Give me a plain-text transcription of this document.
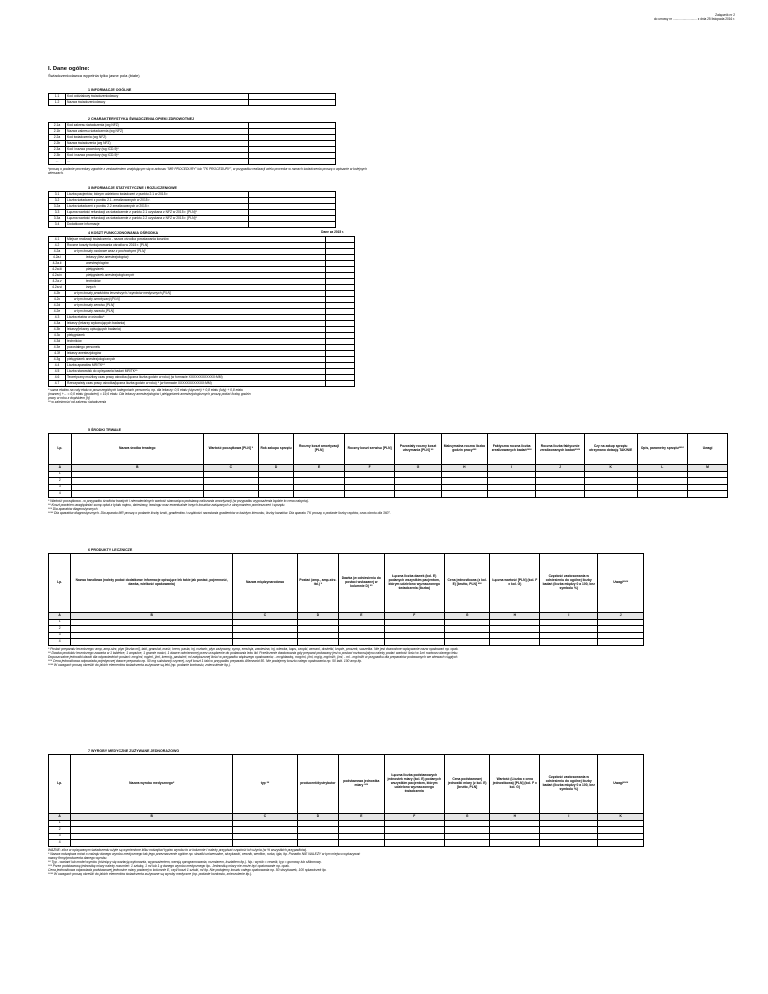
Załącznik nr 2
do umowy nr ........................... z dnia 25 listopada 2016 r.
I. Dane ogólne:
Świadczeniodawca wypełnia tylko jasne pola (białe)
1 INFORMACJE OGÓLNE
1.1	Kod oddziałowy świadczeniodawcy	
1.2	Nazwa świadczeniodawcy	
2 CHARAKTERYSTYKA ŚWIADCZENIA OPIEKI ZDROWOTNEJ
2.1a	Kod zakresu świadczenia (wg NFZ)	
2.1b	Nazwa zakresu świadczenia (wg NFZ)	
2.2a	Kod świadczenia (wg NFZ)	
2.2b	Nazwa świadczenia (wg NFZ)	
2.3a	Kod i nazwa procedury (wg ICD-9)*	
2.3b	Kod i nazwa procedury (wg ICD-9)*	
...	...	
*proszę o podanie procedury zgodnie z zestawieniem znajdującym się w arkuszu "MR PROCEDURY" lub "TK PROCEDURY", w przypadku realizacji wielu procedur w ramach świadczenia proszę o wpisanie w kolejnych wierszach.
3 INFORMACJE STATYSTYCZNE I ROZLICZENIOWE
3.1	Liczba pacjentów, którym udzielono świadczeń z punktu 2.1 w 2015 r.	
3.2	Liczba świadczeń z punktu 2.1. zrealizowanych w 2015 r.	
3.2a	Liczba świadczeń z punktu 2.2 zrealizowanych w 2015 r.	
3.3	Łączna wartość refundacji za świadczenie z punktu 2.1 uzyskana z NFZ w 2015 r. [PLN]*	
3.3a	Łączna wartość refundacji za świadczenie z punktu 2.2 uzyskana z NFZ w 2015 r. [PLN]*	
3.4	Dodatkowe informacje	
4 KOSZT FUNKCJONOWANIA OŚRODKA	Dane za 2015 r.
4.1	Miejsce realizacji świadczenia - nazwa ośrodka powstawania kosztów	
4.2	Roczne koszty funkcjonowania ośrodka w 2015 r. [PLN]	
4.2a	w tym koszty osobowe wraz z pochodnymi [PLN]	
4.2a.i	lekarzy (bez anestezjologów)	
4.2a.ii	anestezjologów	
4.2a.iii	pielęgniarek	
4.2a.iv	pielęgniarek anestezjologicznych	
4.2a.v	techników	
4.2a.vi	innych	
4.2b	w tym koszty produktów leczniczych i wyrobów medycznych [PLN]	
4.2c	w tym koszty amortyzacji [PLN]	
4.2d	w tym koszty serwisu [PLN]	
4.2e	w tym koszty narzutu [PLN]	
4.3	Liczba etatów w ośrodku*	
4.3a	lekarzy (lekarzy wykonujących badania)	
4.3b	lekarzy(lekarzy opisujących badania)	
4.3c	pielęgniarek	
4.3d	techników	
4.3e	pozostałego personelu	
4.3f	lekarzy anestezjologów	
4.3g	pielęgniarek anestezjologicznych	
4.4	Liczba aparatów MR/TK**	
4.5	Liczba stanowisk do opisywania badań MR/TK**	
4.6	Teoretyczny możliwy czas pracy ośrodka (łączna liczba godzin w roku) (w formacie XXXXXXXXXXXX:MM)	
4.7	Rzeczywisty czas pracy ośrodka(łączna liczba godzin w roku) * (w formacie XXXXXXXXXXXX:MM)	
* suma etatów na cały etatu w poszczególnych kategoriach personelu, np. dla lekarzy: 0,5 etatu (styczeń) + 0,8 etatu (luty) + 0,8 etatu
(marzec) +... = 0,0 etatu (grudzień) = 19,6 etatu. Dla lekarzy anestezjologów i pielęgniarek anestezjologicznych proszę podać liczbę godzin
pracy w roku z dopiskiem [h]
** w zależności od zakresu świadczenia
5 ŚRODKI TRWAŁE
Lp.	Nazwa środka trwałego	Wartość początkowa [PLN] *	Rok zakupu sprzętu	Roczny koszt amortyzacji [PLN]	Roczny koszt serwisu [PLN]	Pozostały roczny koszt utrzymania [PLN] **	Maksymalna roczna liczba godzin pracy***	Faktyczna roczna liczba zrealizowanych badań****	Roczna liczba faktycznie zrealizowanych badań****	Czy na zakup sprzętu otrzymano dotację TAK/NIE	Opis, parametry sprzętu****	Uwagi
A	B	C	D	E	F	G	H	I	J	K	L	M
1												
2												
3												
4												
* Wartość początkowa - w przypadku środków trwałych i niematerialnych wartość stanowiąca podstawę naliczania amortyzacji (w przypadku wyposażenia będzie to cena nabycia).
** Koszt powinien uwzględniać sumę opłat z tytułu najmu, dzierżawy, leasingu oraz ewentualnie innych kosztów związanych z utrzymaniem pomieszczeń i sprzętu.
*** Dla aparatów diagnostycznych.
**** Dla aparatów diagnostycznych. Dla aparatu MR proszę o podanie liczby kroki, gradientów i cząbkości narastania gradientów w każdym kierunku, liczby kanałów. Dla aparatu TK proszę o podanie liczby rzędów, czas obrotu dla 360°.
6 PRODUKTY LECZNICZE
Lp.	Nazwa handlowa (należy podać dodatkowe informacje opisujące lek takie jak postać, pojemność, dawka, wielkość opakowania)	Nazwa międzynarodowa	Postać (amp., amp-strz. itd.) *	Dawka (w odniesieniu do postaci wskazanej w kolumnie D) **	Łączna liczba dawek (kol. E) podanych wszystkim pacjentom, którym udzielono wyznaczonego świadczenia (liczba)	Cena jednostkowa (z kol. E) [brutto, PLN] ***	Łączna wartość [PLN] (kol. F x kol. G)	Częstość zastosowania w odniesieniu do ogólnej liczby badań (liczba między 0 a 100, bez symbolu %)	Uwagi****
A	B	C	D	E	F	G	H	I	J
1									
2									
3									
4									
* Postać preparatu leczniczego: amp, amp-strz, płyn [liczba ml], tabl, granulat, maść, krem, pasta, inj, roztwór, płyn zażywany, syrop, emulsja, zawiesina, inj, wlewka, kaps, czopki, aerozol, drażetki, krople, proszek, saszetka. Nie jest dozwolone wpisywanie nazw opakowań np. opak.
** Dawka produktu leczniczego zawarta w 1 tabletce, 1 ampułce, 1 gramie maści, 1 dawce odmierzonej przez urządzenie do podawania leku itd. Przeliczenie dawkowania gdy preparat podawany jest w postaci roztworu/płynu należy podać wartość ilości w 1ml roztworu danego leku.
Dopuszczalne jednostki dawki dla odpowiednich postaci: mcg/ml, mg/ml, j/ml, krem/g, pasta/ml; ml zwiększonej ilości w przypadku większego opakowania; - mcg/dawkę, mcg/ml, j/ml, mg/g, mg/ml/h, j/ml, - ml - mg/ml/h w przypadku dla preparatów podawanych we wlewach ciągłych.
*** Cena jednostkowa odpowiada pojedynczej dawce preparatu np. 50 mg substancji czynnej, czyli koszt 1 tabl w przypadku preparatu Aflenzarid 50. Nie podajemy kosztu całego opakowania np. 50 tabl. 100 amp itp.
**** W uwagach proszę określić do jakich elementów świadczenia zużywane są leki (np. podanie kontrastu, znieczulenie itp.).
7 WYROBY MEDYCZNE ZUŻYWANE JEDNORAZOWO
Lp.	Nazwa wyrobu medycznego*	typ **	producent/dystrybutor	podstawowa jednostka miary ***	Łączna liczba podstawowych jednostek miary (kol. E) podanych wszystkim pacjentom, którym udzielono wyznaczonego świadczenia	Cena podstawowej jednostki miary (z kol. E) [brutto, PLN]	Wartość (Liczba x cena jednostkowa) [PLN] (kol. F x kol. G)	Częstość zastosowania w odniesieniu do ogólnej liczby badań (liczba między 0 a 100, bez symbolu %)	Uwagi****
A	B	C	D	E	F	G	H	I	K
1									
2									
3									
4									
WAŻNE: zlicz w opisywanym świadczeniu użyte są wymienione kilku rodzajów/ typów wyrobu to w kolumnie I należy przypisać częstość ich użycia (w % wszystkich przypadków).
* Nazwa rodzajowa mówi o rodzaju danego wyrobu medycznego tak jego przeznaczenie ogólne np. strzałki uniwersalne, strzykawki, cewnik, wenflon, rurka, igła, itp. Ponadto NIE NALEŻY w tym miejscu wykazywać
nazwy firmy/producenta danego wyrobu.
** Typ - wariant lub model wyrobu (różniący się wariacją wykonania, wyposażeniem, wersją oprogramowania, rozmiarem, kształtem itp.). Np.: wyrób = cewnik, typ = gumowy lub silikonowy.
*** Przez podstawową jednostkę miary należy rozumieć: 1 sztukę, 1 ml lub 1 g danego wyrobu medycznego itp.. Jednostką miary nie może być opakowanie np. opak.
Cena jednostkowa odpowiada podstawowej jednostce miary podanej w kolumnie E, czyli koszt 1 sztuki, ml itp. Nie podajemy kosztu całego opakowania np. 50 strzykawek, 100 rękawiczek itp.
**** W uwagach proszę określić do jakich elementów świadczenia zużywane są wyroby medyczne (np. podanie kontrastu, znieczulenie itp.).
